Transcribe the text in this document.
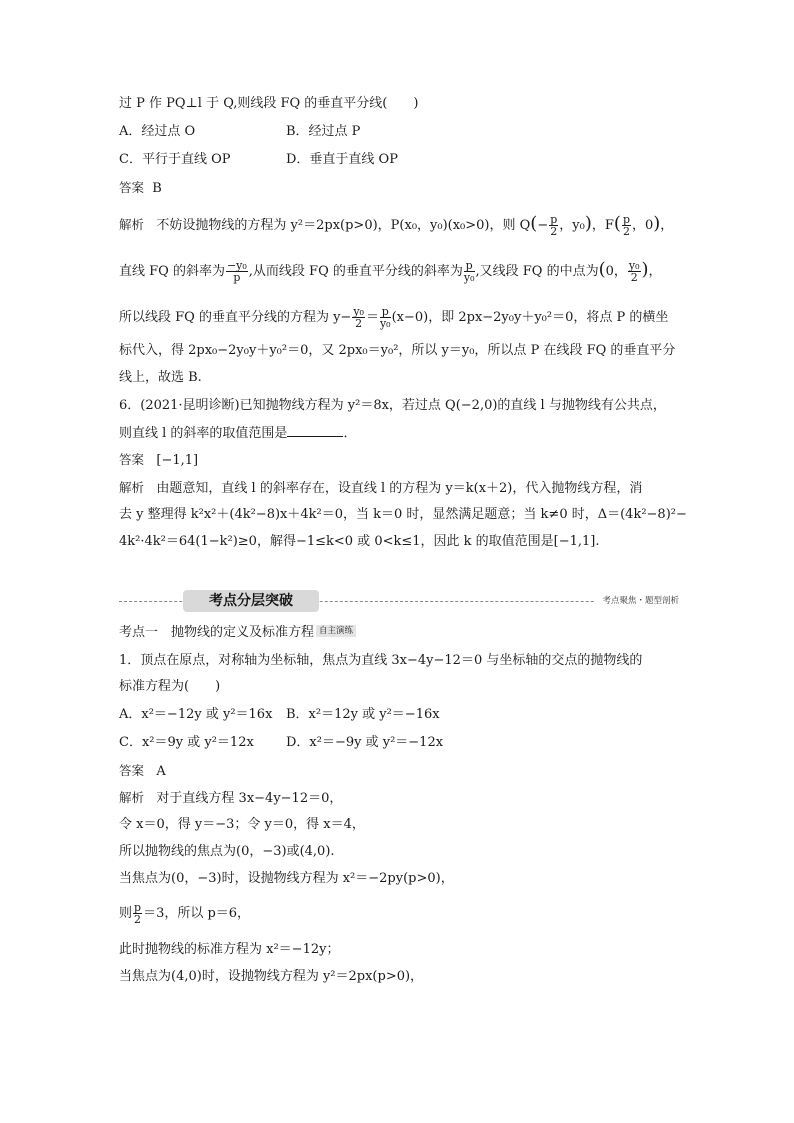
过 P 作 PQ⊥l 于 Q,则线段 FQ 的垂直平分线(　　)
A．经过点 O	B．经过点 P
C．平行于直线 OP	D．垂直于直线 OP
答案 B
解析 不妨设抛物线的方程为 y²＝2px(p>0)，P(x₀，y₀)(x₀>0)，则 $Q(- \frac{p}{2}$ ，y₀)，$F( \frac{p}{2}$ ，0)，
直线 FQ 的斜率为 $\frac{\text{−y₀}}{p}$ ,从而线段 FQ 的垂直平分线的斜率为 $\frac{p}{\text{y₀}}$ ,又线段 FQ 的中点为(0， $\frac{\text{y₀}}{2}$ )，
所以线段 FQ 的垂直平分线的方程为 $y- \frac{\text{y₀}}{2} = \frac{p}{\text{y₀}} (x-0)$，即 2px−2y₀y＋y₀²＝0，将点 P 的横坐
标代入，得 2px₀−2y₀y＋y₀²＝0，又 2px₀＝y₀²，所以 y＝y₀，所以点 P 在线段 FQ 的垂直平分
线上，故选 B.
6．(2021·昆明诊断)已知抛物线方程为 y²＝8x，若过点 Q(−2,0)的直线 l 与抛物线有公共点，
则直线 l 的斜率的取值范围是	．
答案 [−1,1]
解析 由题意知，直线 l 的斜率存在，设直线 l 的方程为 y＝k(x＋2)，代入抛物线方程，消
去 y 整理得 k²x²＋(4k²−8)x＋4k²＝0，当 k＝0 时，显然满足题意；当 k≠0 时，Δ＝(4k²−8)²−
4k²·4k²＝64(1−k²)≥0，解得−1≤k<0 或 0<k≤1，因此 k 的取值范围是[−1,1].
考点分层突破	考点聚焦・题型剖析
考点一　抛物线的定义及标准方程 自主演练
1．顶点在原点，对称轴为坐标轴，焦点为直线 3x−4y−12＝0 与坐标轴的交点的抛物线的
标准方程为(　　)
A．x²＝−12y 或 y²＝16x B．x²＝12y 或 y²＝−16x
C．x²＝9y 或 y²＝12x D．x²＝−9y 或 y²＝−12x
答案 A
解析 对于直线方程 3x−4y−12＝0，
令 x＝0，得 y＝−3；令 y＝0，得 x＝4，
所以抛物线的焦点为(0，−3)或(4,0).
当焦点为(0，−3)时，设抛物线方程为 x²＝−2py(p>0)，
则 $\frac{p}{2} =3$，所以 p＝6，
此时抛物线的标准方程为 x²＝−12y；
当焦点为(4,0)时，设抛物线方程为 y²＝2px(p>0)，
